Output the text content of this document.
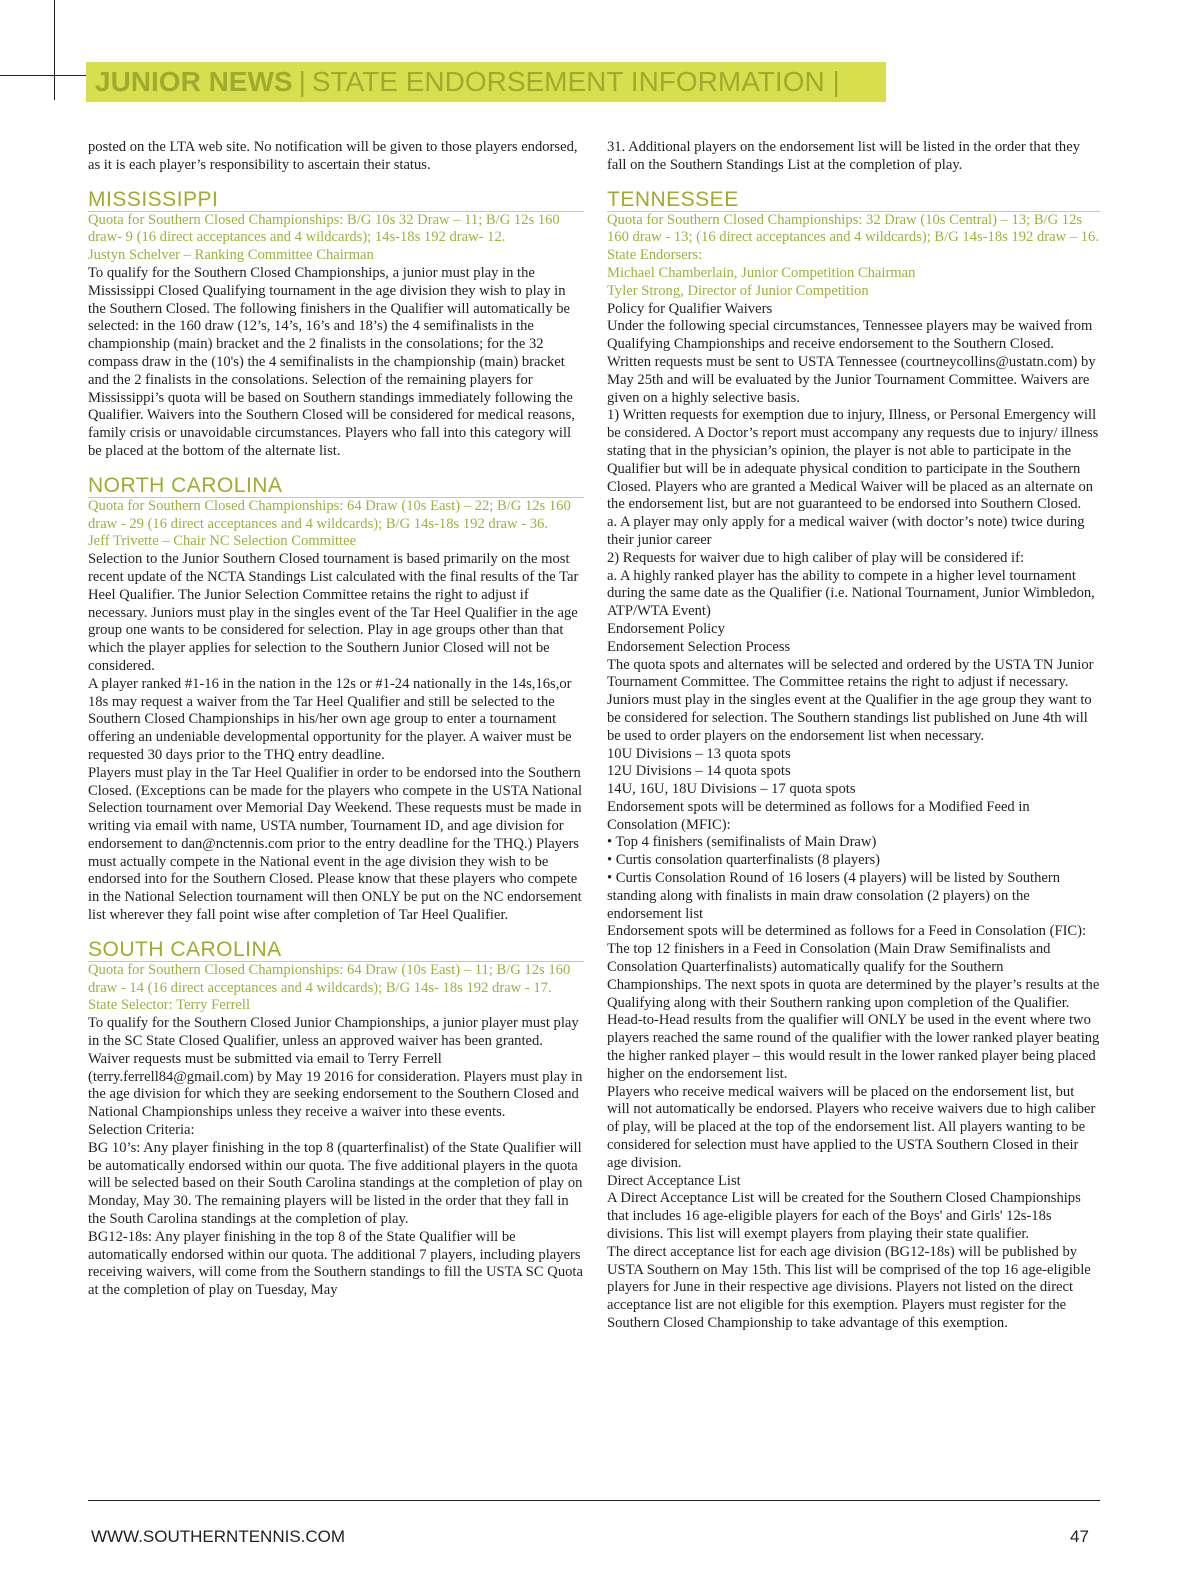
JUNIOR NEWS | STATE ENDORSEMENT INFORMATION |

posted on the LTA web site. No notification will be given to those players endorsed, as it is each player’s responsibility to ascertain their status.

MISSISSIPPI

Quota for Southern Closed Championships: B/G 10s 32 Draw – 11; B/G 12s 160 draw- 9 (16 direct acceptances and 4 wildcards); 14s-18s 192 draw- 12.

Justyn Schelver – Ranking Committee Chairman

To qualify for the Southern Closed Championships, a junior must play in the Mississippi Closed Qualifying tournament in the age division they wish to play in the Southern Closed. The following finishers in the Qualifier will automatically be selected: in the 160 draw (12’s, 14’s, 16’s and 18’s) the 4 semifinalists in the championship (main) bracket and the 2 finalists in the consolations; for the 32 compass draw in the (10's) the 4 semifinalists in the championship (main) bracket and the 2 finalists in the consolations. Selection of the remaining players for Mississippi’s quota will be based on Southern standings immediately following the Qualifier. Waivers into the Southern Closed will be considered for medical reasons, family crisis or unavoidable circumstances. Players who fall into this category will be placed at the bottom of the alternate list.

NORTH CAROLINA

Quota for Southern Closed Championships: 64 Draw (10s East) – 22; B/G 12s 160 draw - 29 (16 direct acceptances and 4 wildcards); B/G 14s-18s 192 draw - 36.

Jeff Trivette – Chair NC Selection Committee

Selection to the Junior Southern Closed tournament is based primarily on the most recent update of the NCTA Standings List calculated with the final results of the Tar Heel Qualifier. The Junior Selection Committee retains the right to adjust if necessary. Juniors must play in the singles event of the Tar Heel Qualifier in the age group one wants to be considered for selection. Play in age groups other than that which the player applies for selection to the Southern Junior Closed will not be considered.

A player ranked #1-16 in the nation in the 12s or #1-24 nationally in the 14s,16s,or 18s may request a waiver from the Tar Heel Qualifier and still be selected to the Southern Closed Championships in his/her own age group to enter a tournament offering an undeniable developmental opportunity for the player. A waiver must be requested 30 days prior to the THQ entry deadline.

Players must play in the Tar Heel Qualifier in order to be endorsed into the Southern Closed. (Exceptions can be made for the players who compete in the USTA National Selection tournament over Memorial Day Weekend. These requests must be made in writing via email with name, USTA number, Tournament ID, and age division for endorsement to dan@nctennis.com prior to the entry deadline for the THQ.) Players must actually compete in the National event in the age division they wish to be endorsed into for the Southern Closed. Please know that these players who compete in the National Selection tournament will then ONLY be put on the NC endorsement list wherever they fall point wise after completion of Tar Heel Qualifier.

SOUTH CAROLINA

Quota for Southern Closed Championships: 64 Draw (10s East) – 11; B/G 12s 160 draw - 14 (16 direct acceptances and 4 wildcards); B/G 14s- 18s 192 draw - 17.

State Selector: Terry Ferrell

To qualify for the Southern Closed Junior Championships, a junior player must play in the SC State Closed Qualifier, unless an approved waiver has been granted. Waiver requests must be submitted via email to Terry Ferrell (terry.ferrell84@gmail.com) by May 19 2016 for consideration. Players must play in the age division for which they are seeking endorsement to the Southern Closed and National Championships unless they receive a waiver into these events.

Selection Criteria:

BG 10’s: Any player finishing in the top 8 (quarterfinalist) of the State Qualifier will be automatically endorsed within our quota. The five additional players in the quota will be selected based on their South Carolina standings at the completion of play on Monday, May 30. The remaining players will be listed in the order that they fall in the South Carolina standings at the completion of play.

BG12-18s: Any player finishing in the top 8 of the State Qualifier will be automatically endorsed within our quota. The additional 7 players, including players receiving waivers, will come from the Southern standings to fill the USTA SC Quota at the completion of play on Tuesday, May

31. Additional players on the endorsement list will be listed in the order that they fall on the Southern Standings List at the completion of play.

TENNESSEE

Quota for Southern Closed Championships: 32 Draw (10s Central) – 13; B/G 12s 160 draw - 13; (16 direct acceptances and 4 wildcards); B/G 14s-18s 192 draw – 16.

State Endorsers:

Michael Chamberlain, Junior Competition Chairman

Tyler Strong, Director of Junior Competition

Policy for Qualifier Waivers

Under the following special circumstances, Tennessee players may be waived from Qualifying Championships and receive endorsement to the Southern Closed. Written requests must be sent to USTA Tennessee (courtneycollins@ustatn.com) by May 25th and will be evaluated by the Junior Tournament Committee. Waivers are given on a highly selective basis.

1) Written requests for exemption due to injury, Illness, or Personal Emergency will be considered. A Doctor’s report must accompany any requests due to injury/ illness stating that in the physician’s opinion, the player is not able to participate in the Qualifier but will be in adequate physical condition to participate in the Southern Closed. Players who are granted a Medical Waiver will be placed as an alternate on the endorsement list, but are not guaranteed to be endorsed into Southern Closed.

a. A player may only apply for a medical waiver (with doctor’s note) twice during their junior career

2) Requests for waiver due to high caliber of play will be considered if:

a. A highly ranked player has the ability to compete in a higher level tournament during the same date as the Qualifier (i.e. National Tournament, Junior Wimbledon, ATP/WTA Event)

Endorsement Policy

Endorsement Selection Process

The quota spots and alternates will be selected and ordered by the USTA TN Junior Tournament Committee. The Committee retains the right to adjust if necessary. Juniors must play in the singles event at the Qualifier in the age group they want to be considered for selection. The Southern standings list published on June 4th will be used to order players on the endorsement list when necessary.

10U Divisions – 13 quota spots

12U Divisions – 14 quota spots

14U, 16U, 18U Divisions – 17 quota spots

Endorsement spots will be determined as follows for a Modified Feed in Consolation (MFIC):

• Top 4 finishers (semifinalists of Main Draw)

• Curtis consolation quarterfinalists (8 players)

• Curtis Consolation Round of 16 losers (4 players) will be listed by Southern standing along with finalists in main draw consolation (2 players) on the endorsement list

Endorsement spots will be determined as follows for a Feed in Consolation (FIC):

The top 12 finishers in a Feed in Consolation (Main Draw Semifinalists and Consolation Quarterfinalists) automatically qualify for the Southern Championships. The next spots in quota are determined by the player’s results at the Qualifying along with their Southern ranking upon completion of the Qualifier. Head-to-Head results from the qualifier will ONLY be used in the event where two players reached the same round of the qualifier with the lower ranked player beating the higher ranked player – this would result in the lower ranked player being placed higher on the endorsement list.

Players who receive medical waivers will be placed on the endorsement list, but will not automatically be endorsed. Players who receive waivers due to high caliber of play, will be placed at the top of the endorsement list. All players wanting to be considered for selection must have applied to the USTA Southern Closed in their age division.

Direct Acceptance List

A Direct Acceptance List will be created for the Southern Closed Championships that includes 16 age-eligible players for each of the Boys' and Girls' 12s-18s divisions. This list will exempt players from playing their state qualifier.

The direct acceptance list for each age division (BG12-18s) will be published by USTA Southern on May 15th. This list will be comprised of the top 16 age-eligible players for June in their respective age divisions. Players not listed on the direct acceptance list are not eligible for this exemption. Players must register for the Southern Closed Championship to take advantage of this exemption.

WWW.SOUTHERNTENNIS.COM	47
